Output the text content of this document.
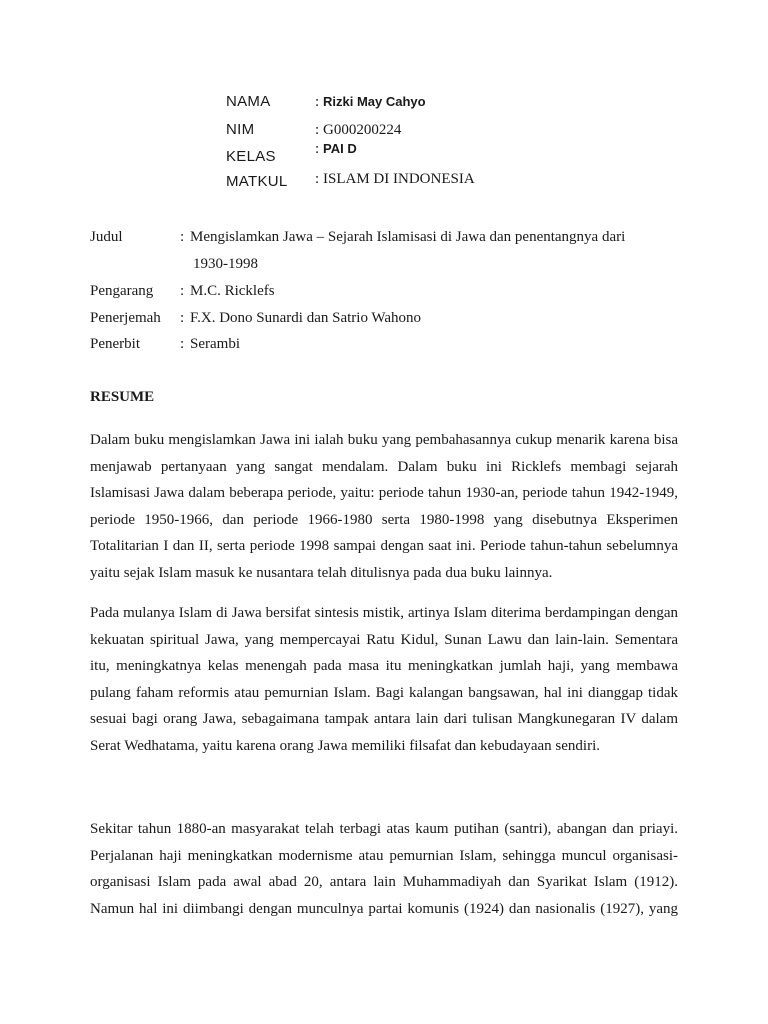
NAMA	: Rizki May Cahyo
NIM	: G000200224
KELAS	: PAI D
MATKUL : ISLAM DI INDONESIA
Judul	: Mengislamkan Jawa – Sejarah Islamisasi di Jawa dan penentangnya dari
1930-1998
Pengarang : M.C. Ricklefs
Penerjemah : F.X. Dono Sunardi dan Satrio Wahono
Penerbit	: Serambi
RESUME

Dalam buku mengislamkan Jawa ini ialah buku yang pembahasannya cukup menarik karena bisa menjawab pertanyaan yang sangat mendalam. Dalam buku ini Ricklefs membagi sejarah Islamisasi Jawa dalam beberapa periode, yaitu: periode tahun 1930-an, periode tahun 1942-1949, periode 1950-1966, dan periode 1966-1980 serta 1980-1998 yang disebutnya Eksperimen Totalitarian I dan II, serta periode 1998 sampai dengan saat ini. Periode tahun-tahun sebelumnya yaitu sejak Islam masuk ke nusantara telah ditulisnya pada dua buku lainnya.

Pada mulanya Islam di Jawa bersifat sintesis mistik, artinya Islam diterima berdampingan dengan kekuatan spiritual Jawa, yang mempercayai Ratu Kidul, Sunan Lawu dan lain-lain. Sementara itu, meningkatnya kelas menengah pada masa itu meningkatkan jumlah haji, yang membawa pulang faham reformis atau pemurnian Islam. Bagi kalangan bangsawan, hal ini dianggap tidak sesuai bagi orang Jawa, sebagaimana tampak antara lain dari tulisan Mangkunegaran IV dalam Serat Wedhatama, yaitu karena orang Jawa memiliki filsafat dan kebudayaan sendiri.

Sekitar tahun 1880-an masyarakat telah terbagi atas kaum putihan (santri), abangan dan priayi. Perjalanan haji meningkatkan modernisme atau pemurnian Islam, sehingga muncul organisasi-organisasi Islam pada awal abad 20, antara lain Muhammadiyah dan Syarikat Islam (1912). Namun hal ini diimbangi dengan munculnya partai komunis (1924) dan nasionalis (1927), yang
